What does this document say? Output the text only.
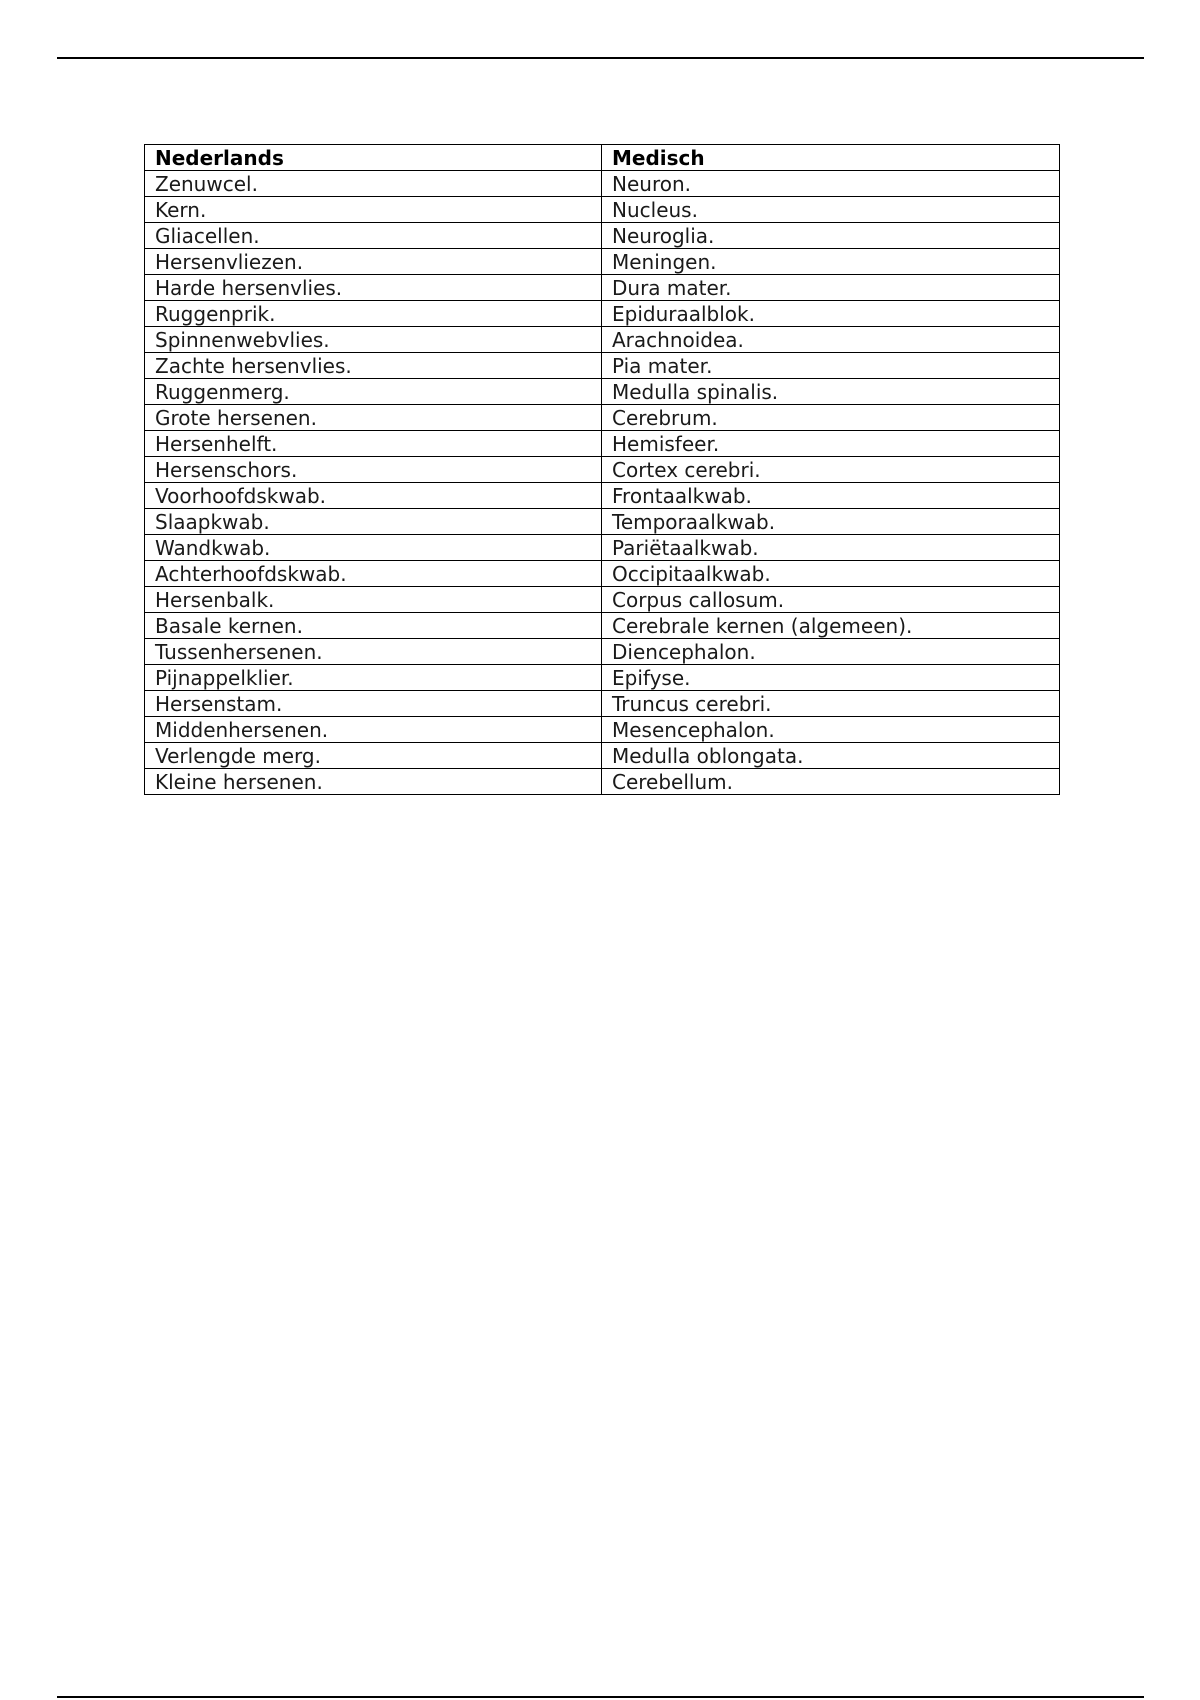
Nederlands	Medisch
Zenuwcel.	Neuron.
Kern.	Nucleus.
Gliacellen.	Neuroglia.
Hersenvliezen.	Meningen.
Harde hersenvlies.	Dura mater.
Ruggenprik.	Epiduraalblok.
Spinnenwebvlies.	Arachnoidea.
Zachte hersenvlies.	Pia mater.
Ruggenmerg.	Medulla spinalis.
Grote hersenen.	Cerebrum.
Hersenhelft.	Hemisfeer.
Hersenschors.	Cortex cerebri.
Voorhoofdskwab.	Frontaalkwab.
Slaapkwab.	Temporaalkwab.
Wandkwab.	Pariëtaalkwab.
Achterhoofdskwab.	Occipitaalkwab.
Hersenbalk.	Corpus callosum.
Basale kernen.	Cerebrale kernen (algemeen).
Tussenhersenen.	Diencephalon.
Pijnappelklier.	Epifyse.
Hersenstam.	Truncus cerebri.
Middenhersenen.	Mesencephalon.
Verlengde merg.	Medulla oblongata.
Kleine hersenen.	Cerebellum.
